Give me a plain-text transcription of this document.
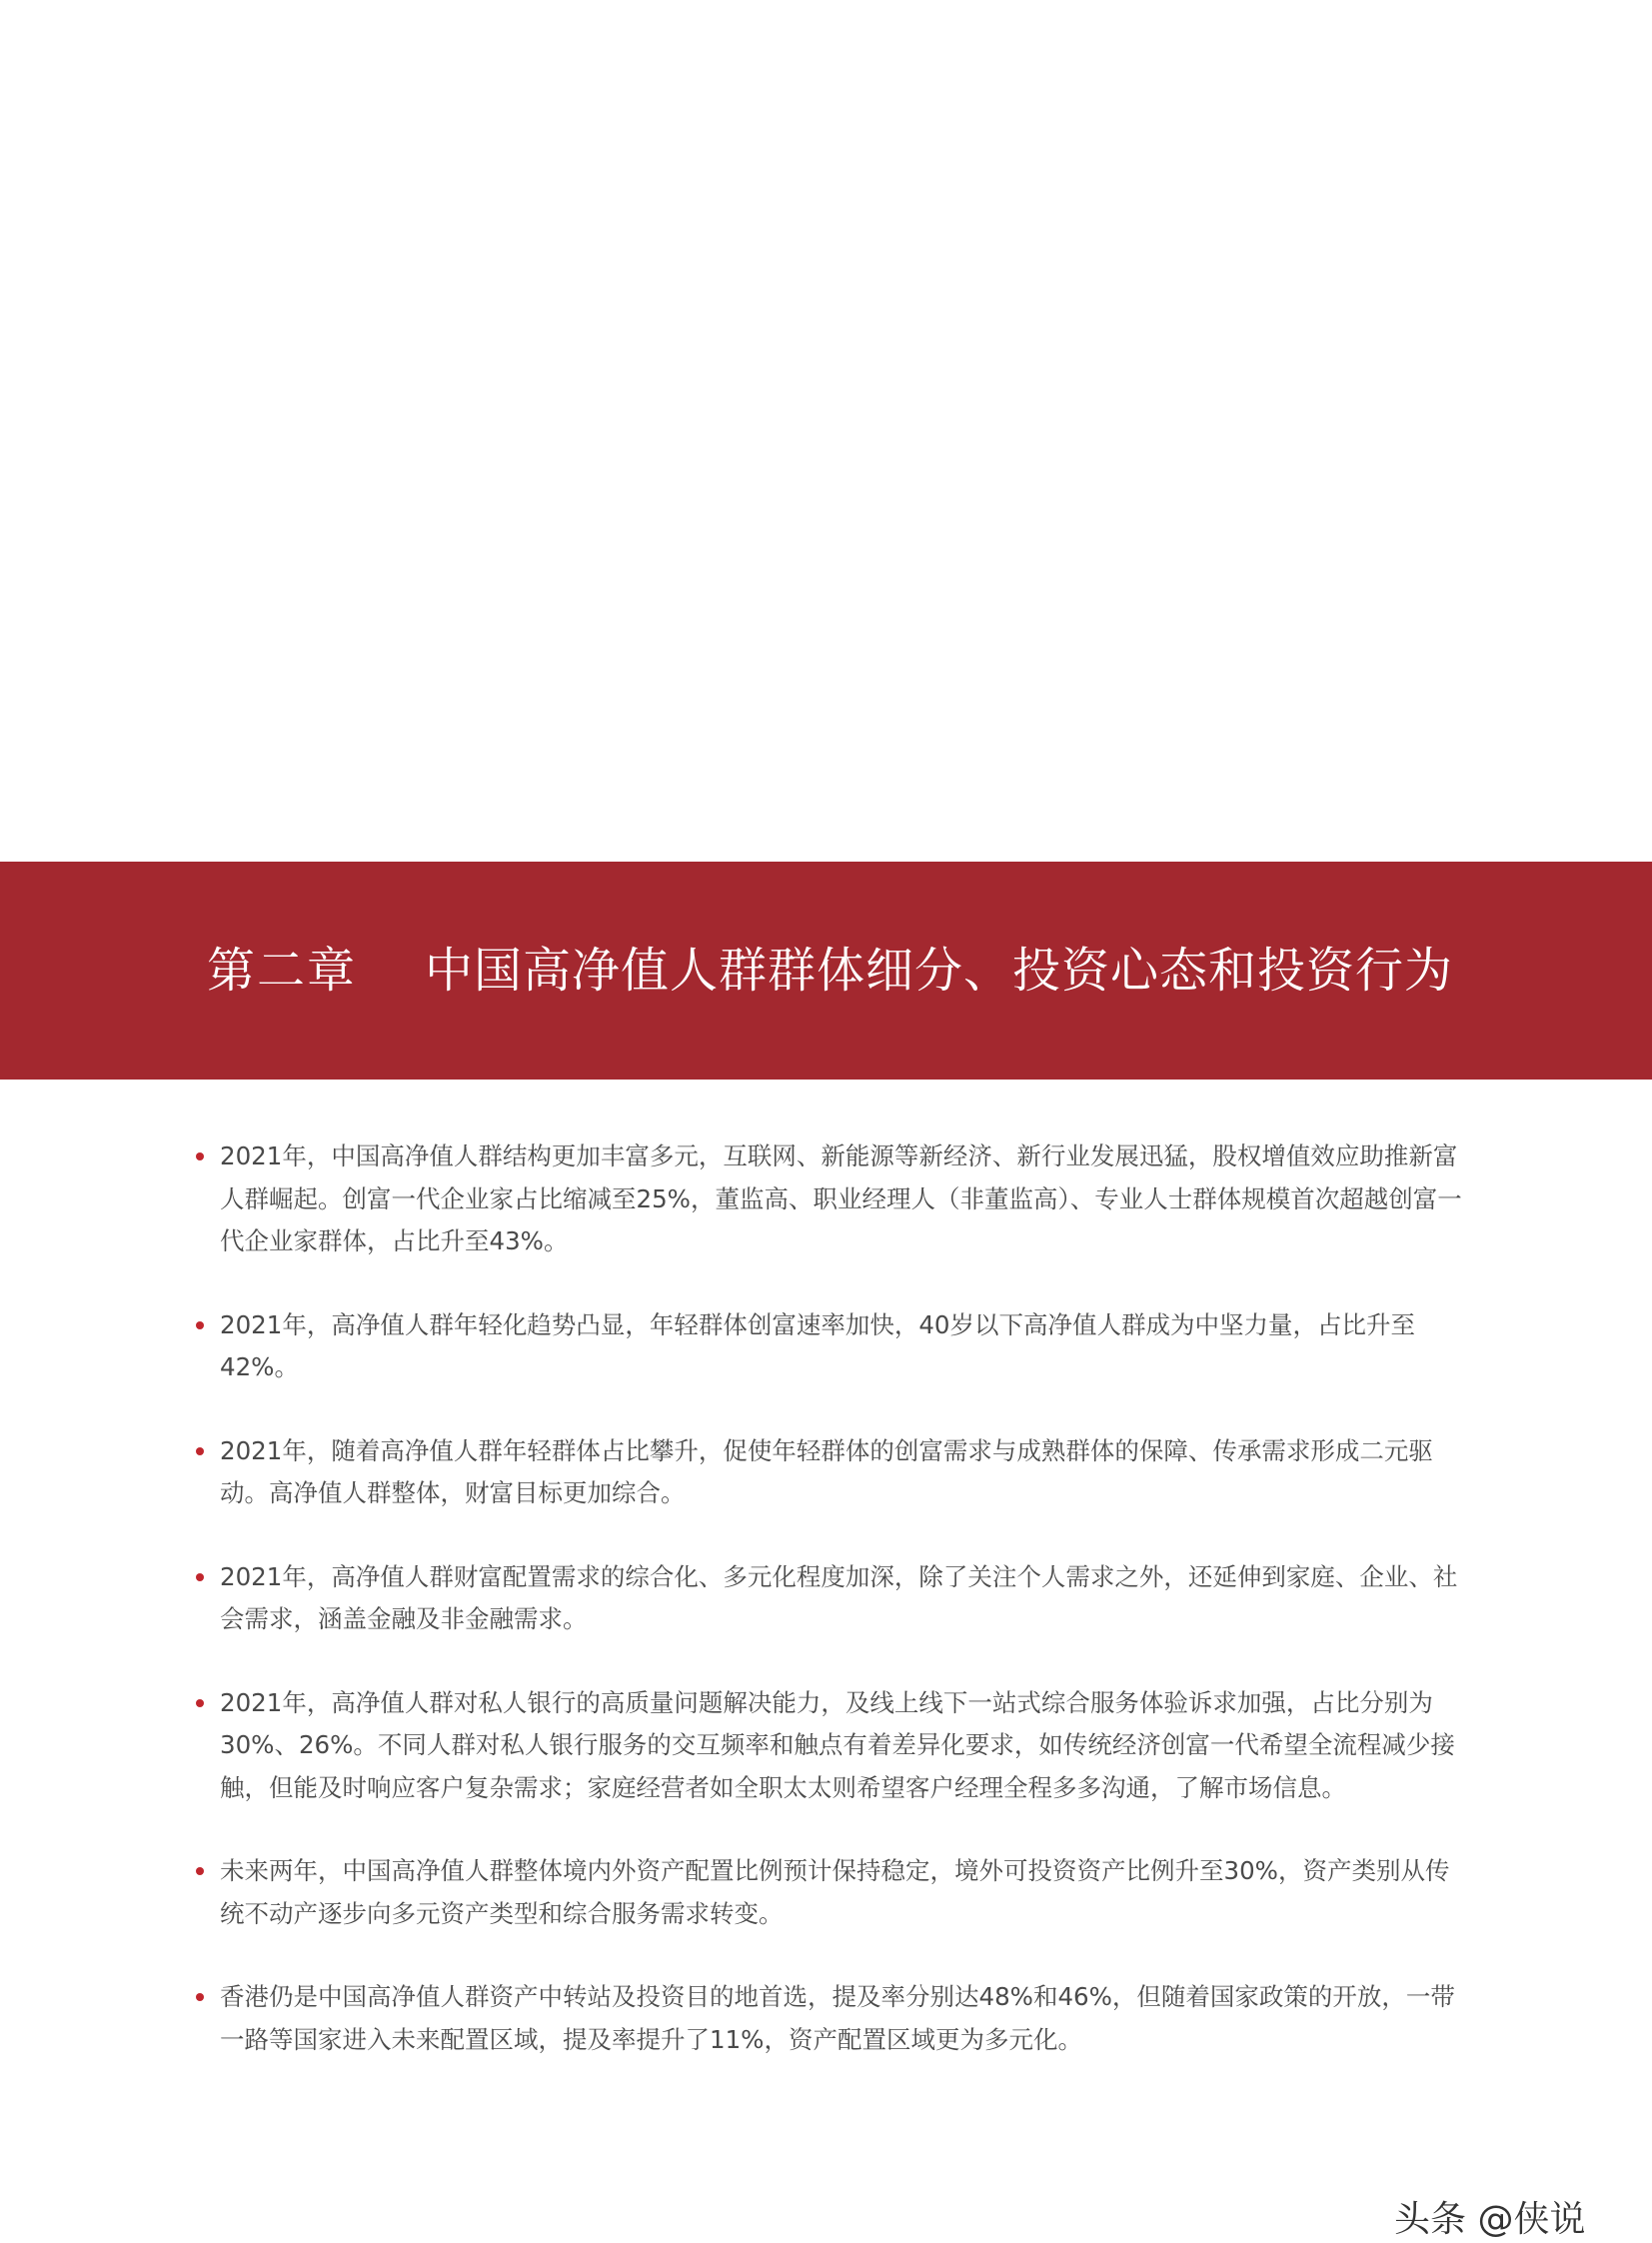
第二章 中国高净值人群群体细分、投资心态和投资行为
2021年，中国高净值人群结构更加丰富多元，互联网、新能源等新经济、新行业发展迅猛，股权增值效应助推新富人群崛起。创富一代企业家占比缩减至25%，董监高、职业经理人（非董监高）、专业人士群体规模首次超越创富一代企业家群体，占比升至43%。
2021年，高净值人群年轻化趋势凸显，年轻群体创富速率加快，40岁以下高净值人群成为中坚力量，占比升至42%。
2021年，随着高净值人群年轻群体占比攀升，促使年轻群体的创富需求与成熟群体的保障、传承需求形成二元驱动。高净值人群整体，财富目标更加综合。
2021年，高净值人群财富配置需求的综合化、多元化程度加深，除了关注个人需求之外，还延伸到家庭、企业、社会需求，涵盖金融及非金融需求。
2021年，高净值人群对私人银行的高质量问题解决能力，及线上线下一站式综合服务体验诉求加强，占比分别为30%、26%。不同人群对私人银行服务的交互频率和触点有着差异化要求，如传统经济创富一代希望全流程减少接触，但能及时响应客户复杂需求；家庭经营者如全职太太则希望客户经理全程多多沟通，了解市场信息。
未来两年，中国高净值人群整体境内外资产配置比例预计保持稳定，境外可投资资产比例升至30%，资产类别从传统不动产逐步向多元资产类型和综合服务需求转变。
香港仍是中国高净值人群资产中转站及投资目的地首选，提及率分别达48%和46%，但随着国家政策的开放，一带一路等国家进入未来配置区域，提及率提升了11%，资产配置区域更为多元化。
头条 @侠说
